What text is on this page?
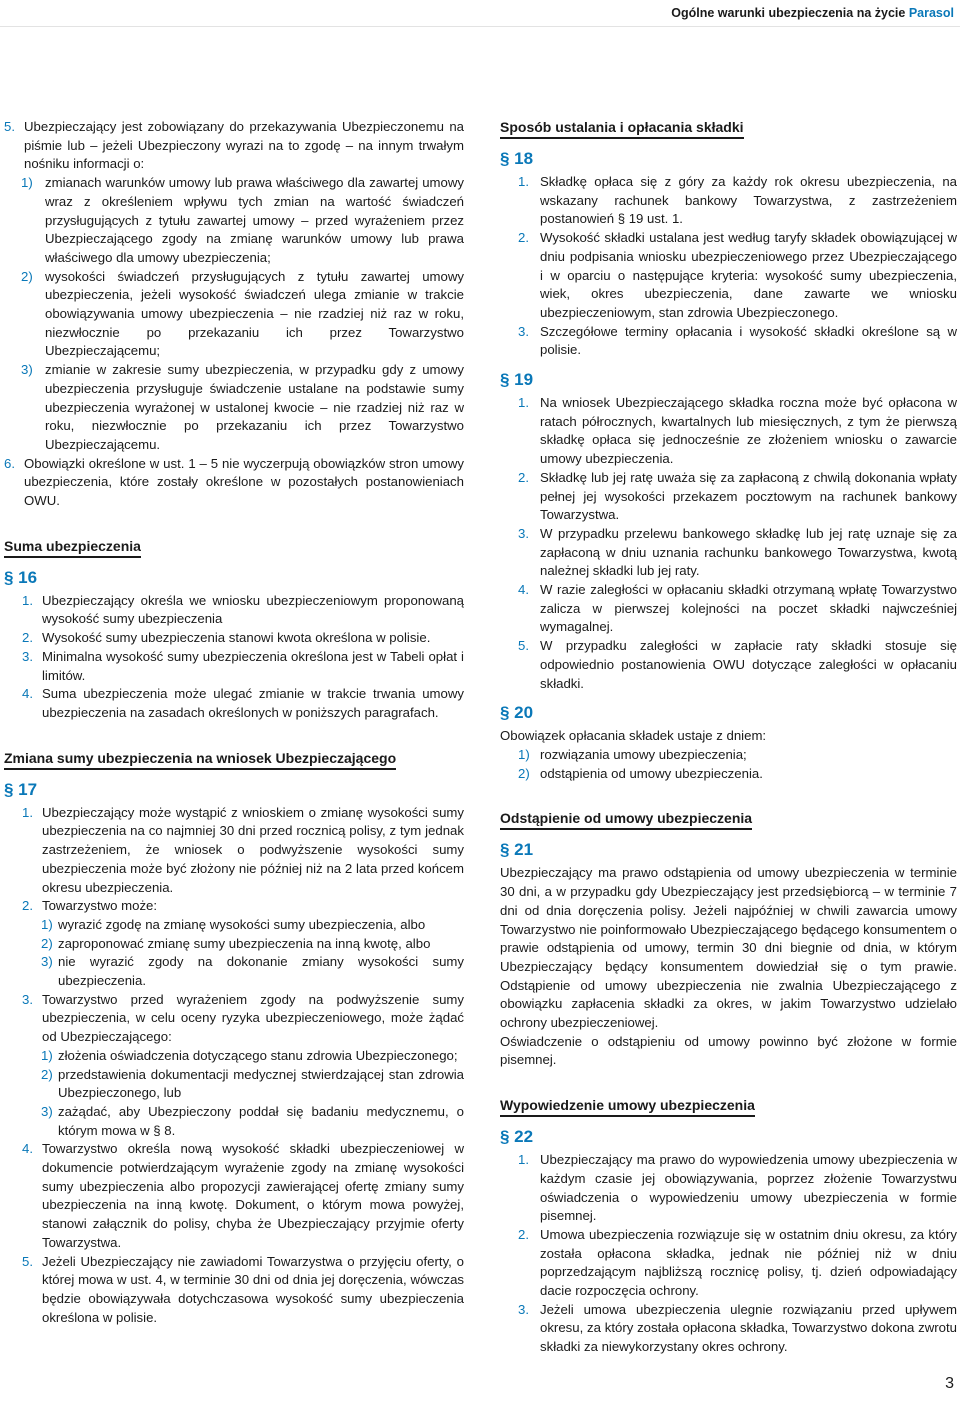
Ogólne warunki ubezpieczenia na życie Parasol

5. Ubezpieczający jest zobowiązany do przekazywania Ubezpieczonemu na piśmie lub – jeżeli Ubezpieczony wyrazi na to zgodę – na innym trwałym nośniku informacji o:

1) zmianach warunków umowy lub prawa właściwego dla zawartej umowy wraz z określeniem wpływu tych zmian na wartość świadczeń przysługujących z tytułu zawartej umowy – przed wyrażeniem przez Ubezpieczającego zgody na zmianę warunków umowy lub prawa właściwego dla umowy ubezpieczenia;

2) wysokości świadczeń przysługujących z tytułu zawartej umowy ubezpieczenia, jeżeli wysokość świadczeń ulega zmianie w trakcie obowiązywania umowy ubezpieczenia – nie rzadziej niż raz w roku, niezwłocznie po przekazaniu ich przez Towarzystwo Ubezpieczającemu;

3) zmianie w zakresie sumy ubezpieczenia, w przypadku gdy z umowy ubezpieczenia przysługuje świadczenie ustalane na podstawie sumy ubezpieczenia wyrażonej w ustalonej kwocie – nie rzadziej niż raz w roku, niezwłocznie po przekazaniu ich przez Towarzystwo Ubezpieczającemu.

6. Obowiązki określone w ust. 1 – 5 nie wyczerpują obowiązków stron umowy ubezpieczenia, które zostały określone w pozostałych postanowieniach OWU.

Suma ubezpieczenia
§ 16

1. Ubezpieczający określa we wniosku ubezpieczeniowym proponowaną wysokość sumy ubezpieczenia

2. Wysokość sumy ubezpieczenia stanowi kwota określona w polisie.

3. Minimalna wysokość sumy ubezpieczenia określona jest w Tabeli opłat i limitów.

4. Suma ubezpieczenia może ulegać zmianie w trakcie trwania umowy ubezpieczenia na zasadach określonych w poniższych paragrafach.

Zmiana sumy ubezpieczenia na wniosek Ubezpieczającego
§ 17

1. Ubezpieczający może wystąpić z wnioskiem o zmianę wysokości sumy ubezpieczenia na co najmniej 30 dni przed rocznicą polisy, z tym jednak zastrzeżeniem, że wniosek o podwyższenie wysokości sumy ubezpieczenia może być złożony nie później niż na 2 lata przed końcem okresu ubezpieczenia.

2. Towarzystwo może:

1) wyrazić zgodę na zmianę wysokości sumy ubezpieczenia, albo

2) zaproponować zmianę sumy ubezpieczenia na inną kwotę, albo

3) nie wyrazić zgody na dokonanie zmiany wysokości sumy ubezpieczenia.

3. Towarzystwo przed wyrażeniem zgody na podwyższenie sumy ubezpieczenia, w celu oceny ryzyka ubezpieczeniowego, może żądać od Ubezpieczającego:

1) złożenia oświadczenia dotyczącego stanu zdrowia Ubezpieczonego;

2) przedstawienia dokumentacji medycznej stwierdzającej stan zdrowia Ubezpieczonego, lub

3) zażądać, aby Ubezpieczony poddał się badaniu medycznemu, o którym mowa w § 8.

4. Towarzystwo określa nową wysokość składki ubezpieczeniowej w dokumencie potwierdzającym wyrażenie zgody na zmianę wysokości sumy ubezpieczenia albo propozycji zawierającej ofertę zmiany sumy ubezpieczenia na inną kwotę. Dokument, o którym mowa powyżej, stanowi załącznik do polisy, chyba że Ubezpieczający przyjmie oferty Towarzystwa.

5. Jeżeli Ubezpieczający nie zawiadomi Towarzystwa o przyjęciu oferty, o której mowa w ust. 4, w terminie 30 dni od dnia jej doręczenia, wówczas będzie obowiązywała dotychczasowa wysokość sumy ubezpieczenia określona w polisie.

Sposób ustalania i opłacania składki
§ 18

1. Składkę opłaca się z góry za każdy rok okresu ubezpieczenia, na wskazany rachunek bankowy Towarzystwa, z zastrzeżeniem postanowień § 19 ust. 1.

2. Wysokość składki ustalana jest według taryfy składek obowiązującej w dniu podpisania wniosku ubezpieczeniowego przez Ubezpieczającego i w oparciu o następujące kryteria: wysokość sumy ubezpieczenia, wiek, okres ubezpieczenia, dane zawarte we wniosku ubezpieczeniowym, stan zdrowia Ubezpieczonego.

3. Szczegółowe terminy opłacania i wysokość składki określone są w polisie.

§ 19

1. Na wniosek Ubezpieczającego składka roczna może być opłacona w ratach półrocznych, kwartalnych lub miesięcznych, z tym że pierwszą składkę opłaca się jednocześnie ze złożeniem wniosku o zawarcie umowy ubezpieczenia.

2. Składkę lub jej ratę uważa się za zapłaconą z chwilą dokonania wpłaty pełnej jej wysokości przekazem pocztowym na rachunek bankowy Towarzystwa.

3. W przypadku przelewu bankowego składkę lub jej ratę uznaje się za zapłaconą w dniu uznania rachunku bankowego Towarzystwa, kwotą należnej składki lub jej raty.

4. W razie zaległości w opłacaniu składki otrzymaną wpłatę Towarzystwo zalicza w pierwszej kolejności na poczet składki najwcześniej wymagalnej.

5. W przypadku zaległości w zapłacie raty składki stosuje się odpowiednio postanowienia OWU dotyczące zaległości w opłacaniu składki.

§ 20

Obowiązek opłacania składek ustaje z dniem:

1) rozwiązania umowy ubezpieczenia;

2) odstąpienia od umowy ubezpieczenia.

Odstąpienie od umowy ubezpieczenia
§ 21

Ubezpieczający ma prawo odstąpienia od umowy ubezpieczenia w terminie 30 dni, a w przypadku gdy Ubezpieczający jest przedsiębiorcą – w terminie 7 dni od dnia doręczenia polisy. Jeżeli najpóźniej w chwili zawarcia umowy Towarzystwo nie poinformowało Ubezpieczającego będącego konsumentem o prawie odstąpienia od umowy, termin 30 dni biegnie od dnia, w którym Ubezpieczający będący konsumentem dowiedział się o tym prawie. Odstąpienie od umowy ubezpieczenia nie zwalnia Ubezpieczającego z obowiązku zapłacenia składki za okres, w jakim Towarzystwo udzielało ochrony ubezpieczeniowej.

Oświadczenie o odstąpieniu od umowy powinno być złożone w formie pisemnej.

Wypowiedzenie umowy ubezpieczenia
§ 22

1. Ubezpieczający ma prawo do wypowiedzenia umowy ubezpieczenia w każdym czasie jej obowiązywania, poprzez złożenie Towarzystwu oświadczenia o wypowiedzeniu umowy ubezpieczenia w formie pisemnej.

2. Umowa ubezpieczenia rozwiązuje się w ostatnim dniu okresu, za który została opłacona składka, jednak nie później niż w dniu poprzedzającym najbliższą rocznicę polisy, tj. dzień odpowiadający dacie rozpoczęcia ochrony.

3. Jeżeli umowa ubezpieczenia ulegnie rozwiązaniu przed upływem okresu, za który została opłacona składka, Towarzystwo dokona zwrotu składki za niewykorzystany okres ochrony.

3
